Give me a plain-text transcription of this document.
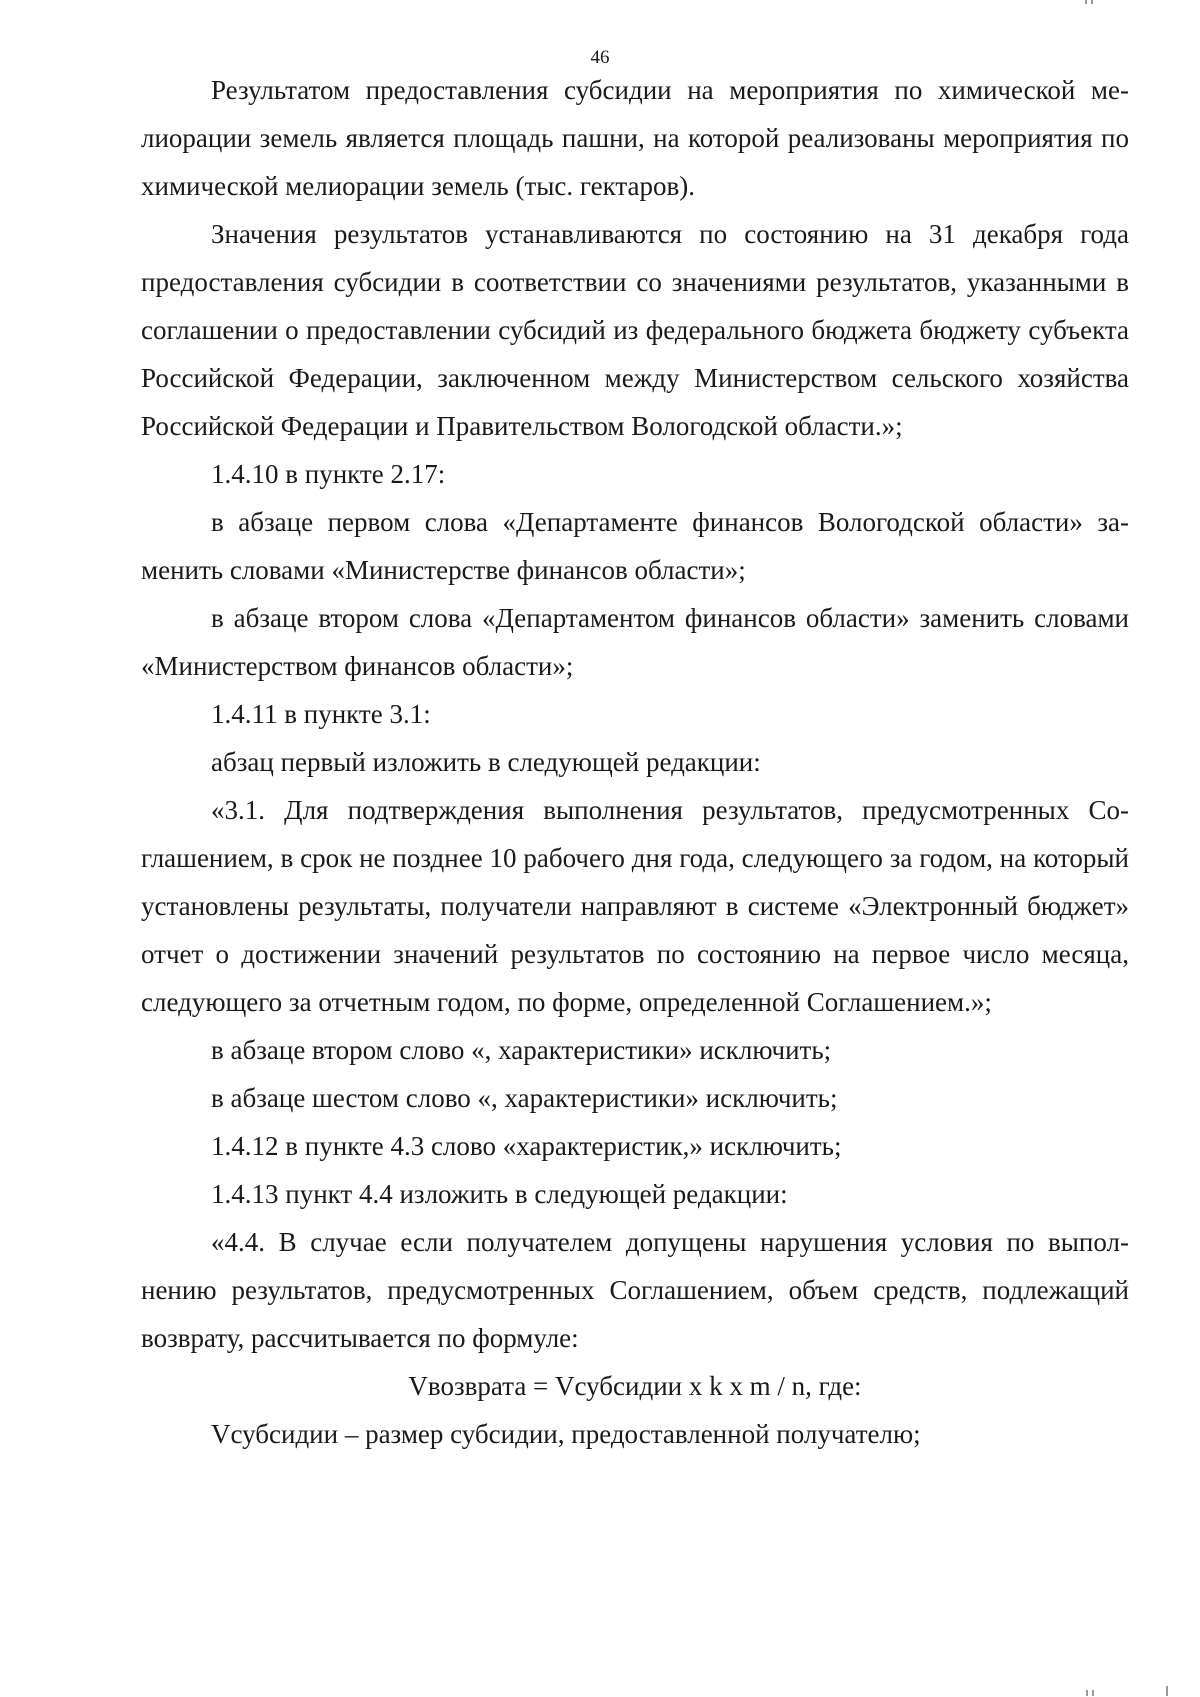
46

Результатом предоставления субсидии на мероприятия по химической мелиорации земель является площадь пашни, на которой реализованы мероприятия по химической мелиорации земель (тыс. гектаров).

Значения результатов устанавливаются по состоянию на 31 декабря года предоставления субсидии в соответствии со значениями результатов, указанными в соглашении о предоставлении субсидий из федерального бюджета бюджету субъекта Российской Федерации, заключенном между Министерством сельского хозяйства Российской Федерации и Правительством Вологодской области.»;

1.4.10 в пункте 2.17:

в абзаце первом слова «Департаменте финансов Вологодской области» заменить словами «Министерстве финансов области»;

в абзаце втором слова «Департаментом финансов области» заменить словами «Министерством финансов области»;

1.4.11 в пункте 3.1:

абзац первый изложить в следующей редакции:

«3.1. Для подтверждения выполнения результатов, предусмотренных Соглашением, в срок не позднее 10 рабочего дня года, следующего за годом, на который установлены результаты, получатели направляют в системе «Электронный бюджет» отчет о достижении значений результатов по состоянию на первое число месяца, следующего за отчетным годом, по форме, определенной Соглашением.»;

в абзаце втором слово «, характеристики» исключить;

в абзаце шестом слово «, характеристики» исключить;

1.4.12 в пункте 4.3 слово «характеристик,» исключить;

1.4.13 пункт 4.4 изложить в следующей редакции:

«4.4. В случае если получателем допущены нарушения условия по выполнению результатов, предусмотренных Соглашением, объем средств, подлежащий возврату, рассчитывается по формуле:

Vвозврата = Vсубсидии x k x m / n, где:

Vсубсидии – размер субсидии, предоставленной получателю;
